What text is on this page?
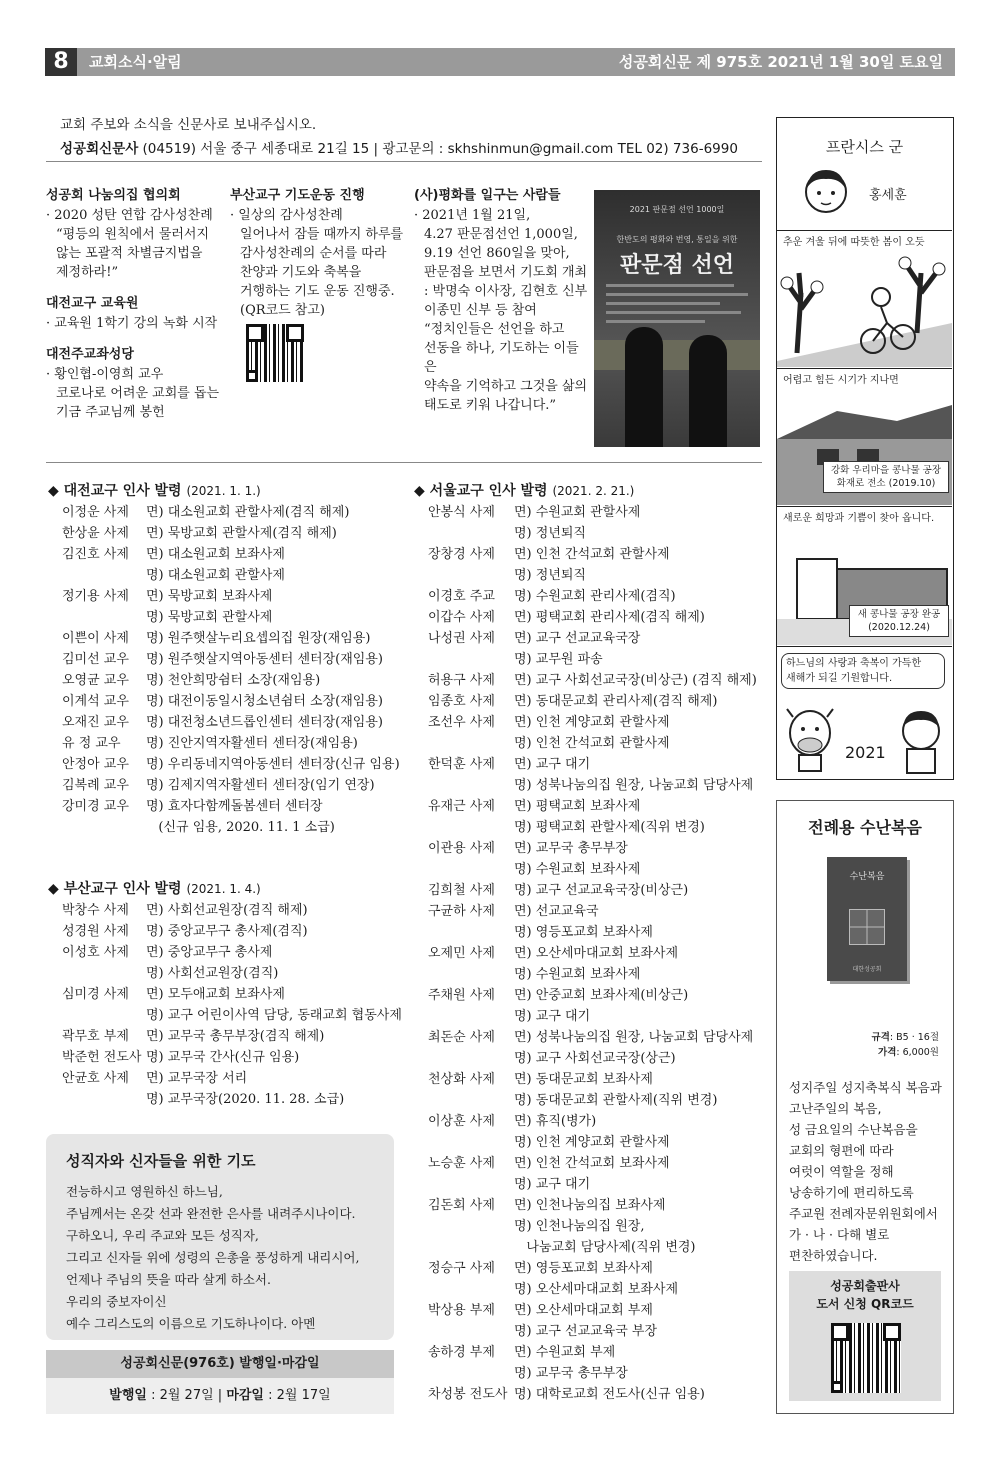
8	교회소식·알림	성공회신문 제 975호 2021년 1월 30일 토요일
교회 주보와 소식을 신문사로 보내주십시오.
성공회신문사 (04519) 서울 중구 세종대로 21길 15 | 광고문의 : skhshinmun@gmail.com TEL 02) 736-6990
성공회 나눔의집 협의회

· 2020 성탄 연합 감사성찬례

“평등의 원칙에서 물러서지

않는 포괄적 차별금지법을

제정하라!”

대전교구 교육원

· 교육원 1학기 강의 녹화 시작

대전주교좌성당

· 황인협-이영희 교우

코로나로 어려운 교회를 돕는

기금 주교님께 봉헌

부산교구 기도운동 진행

· 일상의 감사성찬례

일어나서 잠들 때까지 하루를

감사성찬례의 순서를 따라

찬양과 기도와 축복을

거행하는 기도 운동 진행중.

(QR코드 참고)

(사)평화를 일구는 사람들

· 2021년 1월 21일,

4.27 판문점선언 1,000일,

9.19 선언 860일을 맞아,

판문점을 보면서 기도회 개최

: 박명숙 이사장, 김현호 신부

이종민 신부 등 참여

“정치인들은 선언을 하고

선동을 하나, 기도하는 이들은

약속을 기억하고 그것을 삶의

태도로 키워 나갑니다.”

2021 판문점 선언 1000일
한반도의 평화와 번영, 통일을 위한
판문점 선언
◆ 대전교구 인사 발령 (2021. 1. 1.)
이정운 사제	면) 대소원교회 관할사제(겸직 해제)
한상윤 사제	면) 묵방교회 관할사제(겸직 해제)
김진호 사제	면) 대소원교회 보좌사제
명) 대소원교회 관할사제
정기용 사제	면) 묵방교회 보좌사제
명) 묵방교회 관할사제
이쁜이 사제	명) 원주햇살누리요셉의집 원장(재임용)
김미선 교우	명) 원주햇살지역아동센터 센터장(재임용)
오영균 교우	명) 천안희망쉼터 소장(재임용)
이계석 교우	명) 대전이동일시청소년쉼터 소장(재임용)
오재진 교우	명) 대전청소년드롭인센터 센터장(재임용)
유 정 교우	명) 진안지역자활센터 센터장(재임용)
안정아 교우	명) 우리동네지역아동센터 센터장(신규 임용)
김복례 교우	명) 김제지역자활센터 센터장(임기 연장)
강미경 교우	명) 효자다함께돌봄센터 센터장
(신규 임용, 2020. 11. 1 소급)
◆ 부산교구 인사 발령 (2021. 1. 4.)
박창수 사제	면) 사회선교원장(겸직 해제)
성경원 사제	명) 중앙교무구 총사제(겸직)
이성호 사제	면) 중앙교무구 총사제
명) 사회선교원장(겸직)
심미경 사제	면) 모두애교회 보좌사제
명) 교구 어린이사역 담당, 동래교회 협동사제
곽무호 부제	면) 교무국 총무부장(겸직 해제)
박준헌 전도사 명) 교무국 간사(신규 임용)
안균호 사제	면) 교무국장 서리
명) 교무국장(2020. 11. 28. 소급)
◆ 서울교구 인사 발령 (2021. 2. 21.)
안봉식 사제	면) 수원교회 관할사제
명) 정년퇴직
장창경 사제	면) 인천 간석교회 관할사제
명) 정년퇴직
이경호 주교	명) 수원교회 관리사제(겸직)
이갑수 사제	면) 평택교회 관리사제(겸직 해제)
나성권 사제	면) 교구 선교교육국장
명) 교무원 파송
허용구 사제	면) 교구 사회선교국장(비상근) (겸직 해제)
임종호 사제	면) 동대문교회 관리사제(겸직 해제)
조선우 사제	면) 인천 계양교회 관할사제
명) 인천 간석교회 관할사제
한덕훈 사제	면) 교구 대기
명) 성북나눔의집 원장, 나눔교회 담당사제
유재근 사제	면) 평택교회 보좌사제
명) 평택교회 관할사제(직위 변경)
이관용 사제	면) 교무국 총무부장
명) 수원교회 보좌사제
김희철 사제	명) 교구 선교교육국장(비상근)
구균하 사제	면) 선교교육국
명) 영등포교회 보좌사제
오제민 사제	면) 오산세마대교회 보좌사제
명) 수원교회 보좌사제
주채원 사제	면) 안중교회 보좌사제(비상근)
명) 교구 대기
최돈순 사제	면) 성북나눔의집 원장, 나눔교회 담당사제
명) 교구 사회선교국장(상근)
천상화 사제	면) 동대문교회 보좌사제
명) 동대문교회 관할사제(직위 변경)
이상훈 사제	면) 휴직(병가)
명) 인천 계양교회 관할사제
노승훈 사제	면) 인천 간석교회 보좌사제
명) 교구 대기
김돈회 사제	면) 인천나눔의집 보좌사제
명) 인천나눔의집 원장,
나눔교회 담당사제(직위 변경)
정승구 사제	면) 영등포교회 보좌사제
명) 오산세마대교회 보좌사제
박상용 부제	면) 오산세마대교회 부제
명) 교구 선교교육국 부장
송하경 부제	면) 수원교회 부제
명) 교무국 총무부장
차성봉 전도사 명) 대학로교회 전도사(신규 임용)
성직자와 신자들을 위한 기도
전능하시고 영원하신 하느님,
주님께서는 온갖 선과 완전한 은사를 내려주시나이다.
구하오니, 우리 주교와 모든 성직자,
그리고 신자들 위에 성령의 은총을 풍성하게 내리시어,
언제나 주님의 뜻을 따라 살게 하소서.
우리의 중보자이신
예수 그리스도의 이름으로 기도하나이다. 아멘
성공회신문(976호) 발행일·마감일
발행일 : 2월 27일 | 마감일 : 2월 17일
프란시스 군
홍세훈
추운 겨울 뒤에 따뜻한 봄이 오듯
어렵고 힘든 시기가 지나면
강화 우리마을 콩나물 공장
화재로 전소 (2019.10)
새로운 희망과 기쁨이 찾아 옵니다.
새 콩나물 공장 완공
(2020.12.24)
하느님의 사랑과 축복이 가득한
새해가 되길 기원합니다.
2021
전례용 수난복음
수난복음
대한성공회
규격: B5 · 16절
가격: 6,000원
성지주일 성지축복식 복음과
고난주일의 복음,
성 금요일의 수난복음을
교회의 형편에 따라
여럿이 역할을 정해
낭송하기에 편리하도록
주교원 전례자문위원회에서
가 · 나 · 다해 별로
편찬하였습니다.
성공회출판사
도서 신청 QR코드
